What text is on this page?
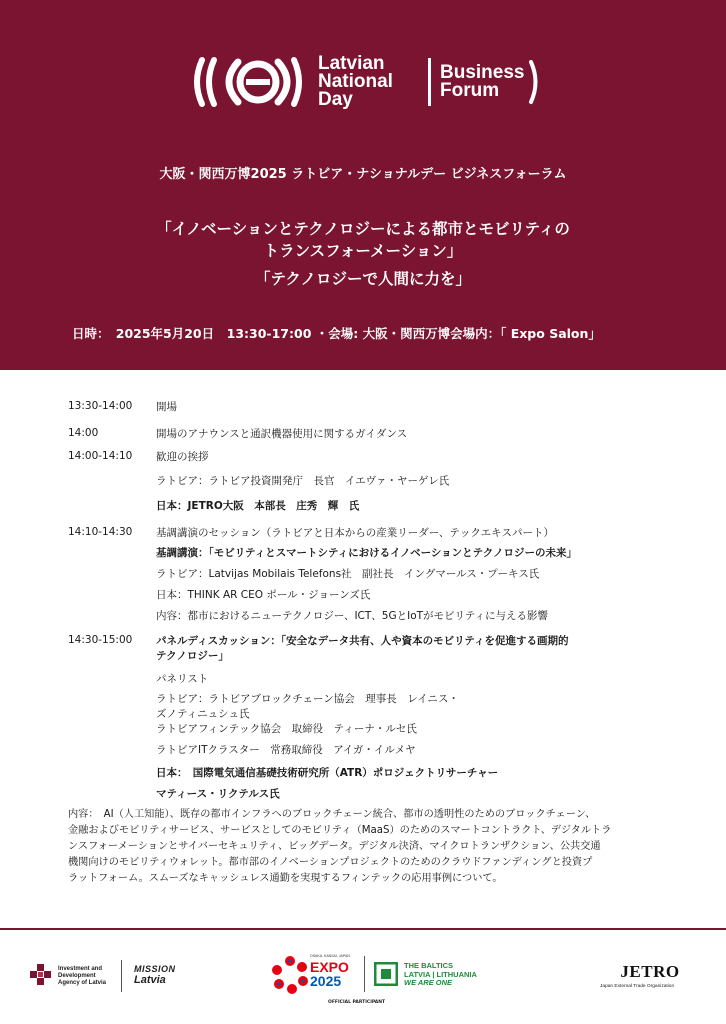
Latvian
National
Day
Business
Forum
大阪・関西万博2025 ラトビア・ナショナルデー ビジネスフォーラム
「イノベーションとテクノロジーによる都市とモビリティの
トランスフォーメーション」
「テクノロジーで人間に力を」
日時：　2025年5月20日　13:30-17:00 ・会場: 大阪・関西万博会場内：「 Expo Salon」
13:30-14:00	開場
14:00	開場のアナウンスと通訳機器使用に関するガイダンス
14:00-14:10	歓迎の挨拶
ラトビア：ラトビア投資開発庁　長官　イエヴァ・ヤーゲレ氏
日本：JETRO大阪　本部長　庄秀　輝　氏
14:10-14:30	基調講演のセッション（ラトビアと日本からの産業リーダー、テックエキスパート）
基調講演：「モビリティとスマートシティにおけるイノベーションとテクノロジーの未来」
ラトビア：Latvijas Mobilais Telefons社　副社長　イングマールス・プーキス氏
日本：THINK AR CEO ポール・ジョーンズ氏
内容：都市におけるニューテクノロジー、ICT、5GとIoTがモビリティに与える影響
14:30-15:00	パネルディスカッション：「安全なデータ共有、人や資本のモビリティを促進する画期的
テクノロジー」
パネリスト
ラトビア：ラトビアブロックチェーン協会　理事長　レイニス・
ズノティニュシュ氏
ラトビアフィンテック協会　取締役　ティーナ・ルセ氏
ラトビアITクラスター　常務取締役　アイガ・イルメヤ
日本：　国際電気通信基礎技術研究所（ATR）ポロジェクトリサーチャー
マティース・リクテルス氏
内容：　AI（人工知能）、既存の都市インフラへのブロックチェーン統合、都市の透明性のためのブロックチェーン、
金融およびモビリティサービス、サービスとしてのモビリティ（MaaS）のためのスマートコントラクト、デジタルトラ
ンスフォーメーションとサイバーセキュリティ、ビッグデータ。デジタル決済、マイクロトランザクション、公共交通
機関向けのモビリティウォレット。都市部のイノベーションプロジェクトのためのクラウドファンディングと投資プ
ラットフォーム。スムーズなキャッシュレス通勤を実現するフィンテックの応用事例について。
Investment and
Development
Agency of Latvia
MISSION
Latvia
OSAKA, KANSAI, JAPAN
EXPO
2025
OFFICIAL PARTICIPANT
THE BALTICS
LATVIA | LITHUANIA
WE ARE ONE
JETRO
Japan External Trade Organization
